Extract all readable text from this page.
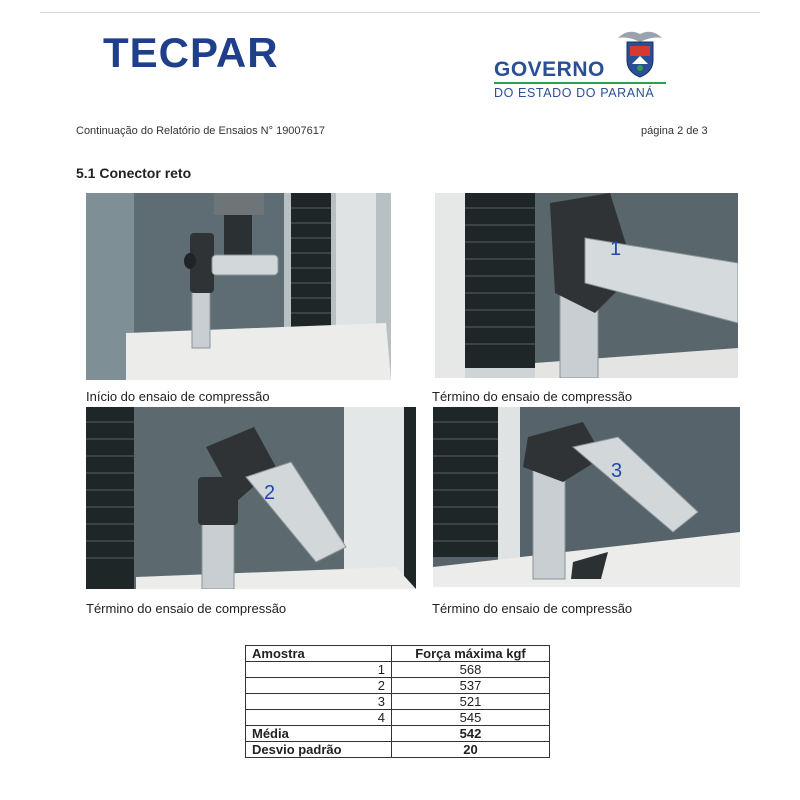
TECPAR	GOVERNO
DO ESTADO DO PARANÁ
Continuação do Relatório de Ensaios N° 19007617	página 2 de 3
5.1 Conector reto
Início do ensaio de compressão
1
Término do ensaio de compressão
2
Término do ensaio de compressão
3
Término do ensaio de compressão
Amostra	Força máxima kgf
1	568
2	537
3	521
4	545
Média	542
Desvio padrão	20
